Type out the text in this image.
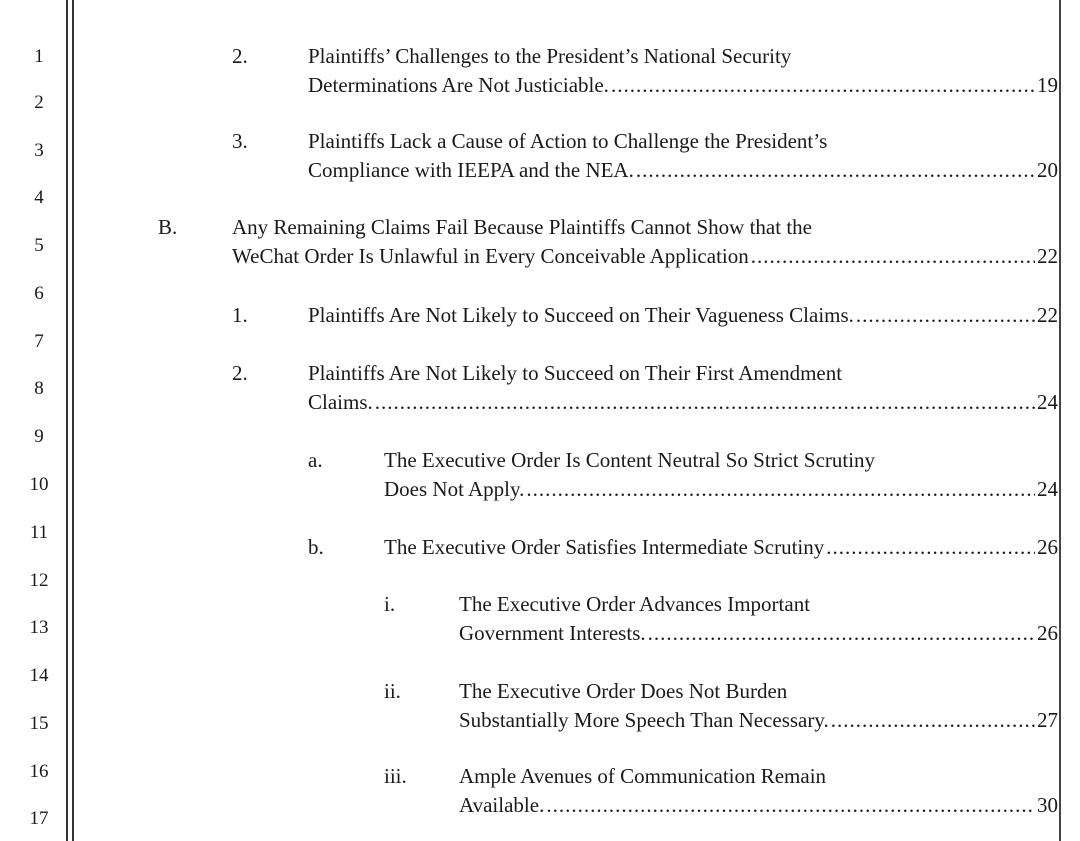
1
2
3
4
5
6
7
8
9
10
11
12
13
14
15
16
17
2.	Plaintiffs’ Challenges to the President’s National Security
Determinations Are Not Justiciable. .....	19
3.	Plaintiffs Lack a Cause of Action to Challenge the President’s
Compliance with IEEPA and the NEA. .....	20
B.	Any Remaining Claims Fail Because Plaintiffs Cannot Show that the
WeChat Order Is Unlawful in Every Conceivable Application .....	22
1.	Plaintiffs Are Not Likely to Succeed on Their Vagueness Claims. .....	22
2.	Plaintiffs Are Not Likely to Succeed on Their First Amendment
Claims. .....	24
a.	The Executive Order Is Content Neutral So Strict Scrutiny
Does Not Apply. .....	24
b.	The Executive Order Satisfies Intermediate Scrutiny .....	26
i.	The Executive Order Advances Important
Government Interests. .....	26
ii.	The Executive Order Does Not Burden
Substantially More Speech Than Necessary. .....	27
iii. Ample Avenues of Communication Remain
Available. .....	30
